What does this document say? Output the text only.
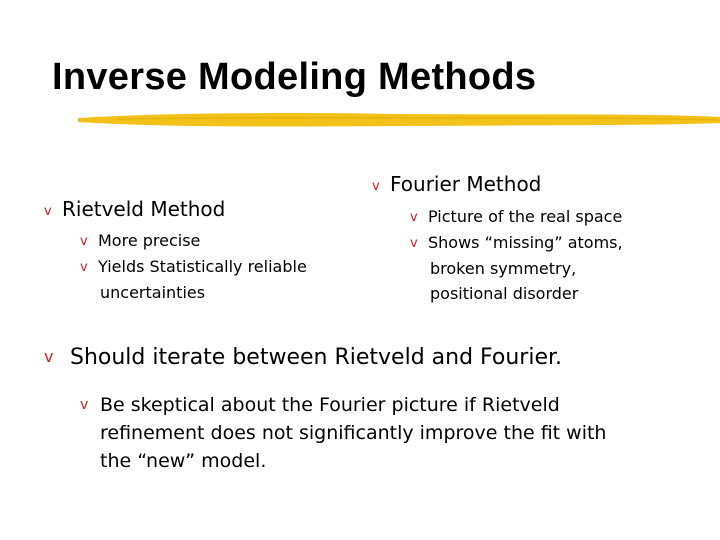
Inverse Modeling Methods
v Rietveld Method
v More precise
v Yields Statistically reliable
uncertainties
v Fourier Method
v Picture of the real space
v Shows “missing” atoms,
broken symmetry,
positional disorder
v Should iterate between Rietveld and Fourier.
v Be skeptical about the Fourier picture if Rietveld
refinement does not significantly improve the fit with
the “new” model.
